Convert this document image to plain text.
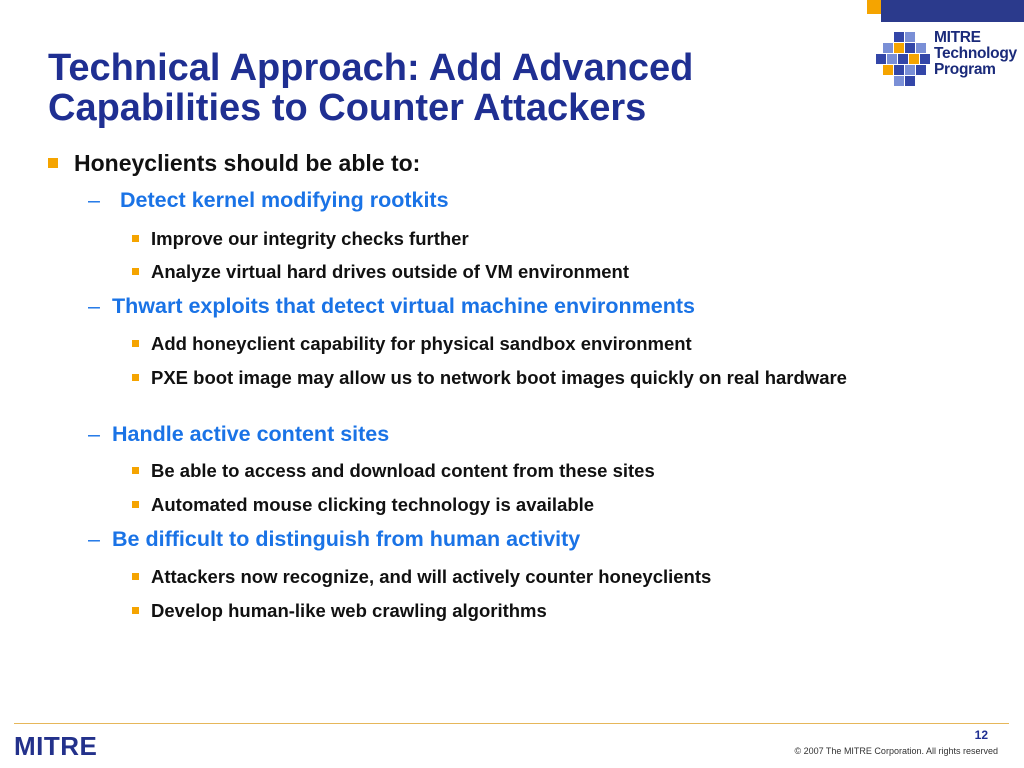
MITRE
Technology
Program
Technical Approach: Add Advanced
Capabilities to Counter Attackers
Honeyclients should be able to:
– Detect kernel modifying rootkits
Improve our integrity checks further
Analyze virtual hard drives outside of VM environment
– Thwart exploits that detect virtual machine environments
Add honeyclient capability for physical sandbox environment
PXE boot image may allow us to network boot images quickly on real hardware
– Handle active content sites
Be able to access and download content from these sites
Automated mouse clicking technology is available
– Be difficult to distinguish from human activity
Attackers now recognize, and will actively counter honeyclients
Develop human-like web crawling algorithms
MITRE	12
© 2007 The MITRE Corporation. All rights reserved
